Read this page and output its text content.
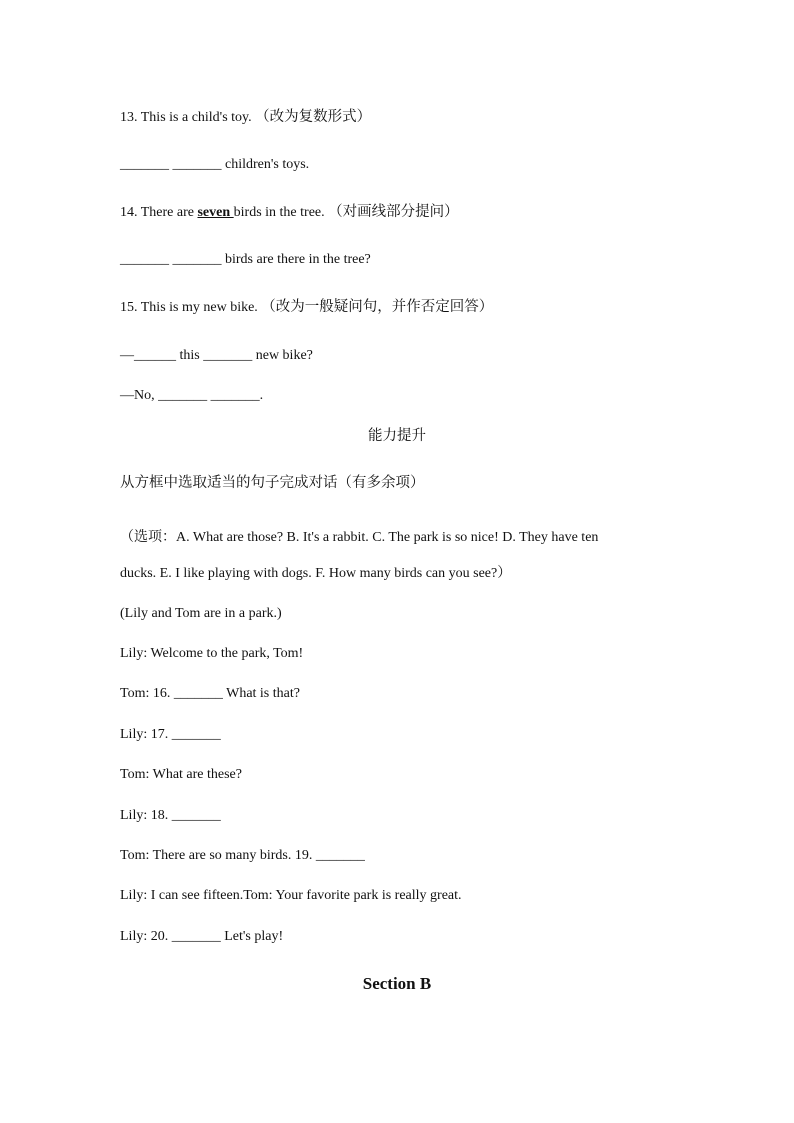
13. This is a child's toy. （改为复数形式）
_______ _______ children's toys.
14. There are seven birds in the tree. （对画线部分提问）
_______ _______ birds are there in the tree?
15. This is my new bike. （改为一般疑问句，并作否定回答）
—______ this _______ new bike?
—No, _______ _______.
能力提升
从方框中选取适当的句子完成对话（有多余项）
（选项：A. What are those? B. It's a rabbit. C. The park is so nice! D. They have ten
ducks. E. I like playing with dogs. F. How many birds can you see?）
(Lily and Tom are in a park.)
Lily: Welcome to the park, Tom!
Tom: 16. _______ What is that?
Lily: 17. _______
Tom: What are these?
Lily: 18. _______
Tom: There are so many birds. 19. _______
Lily: I can see fifteen.Tom: Your favorite park is really great.
Lily: 20. _______ Let's play!
Section B
